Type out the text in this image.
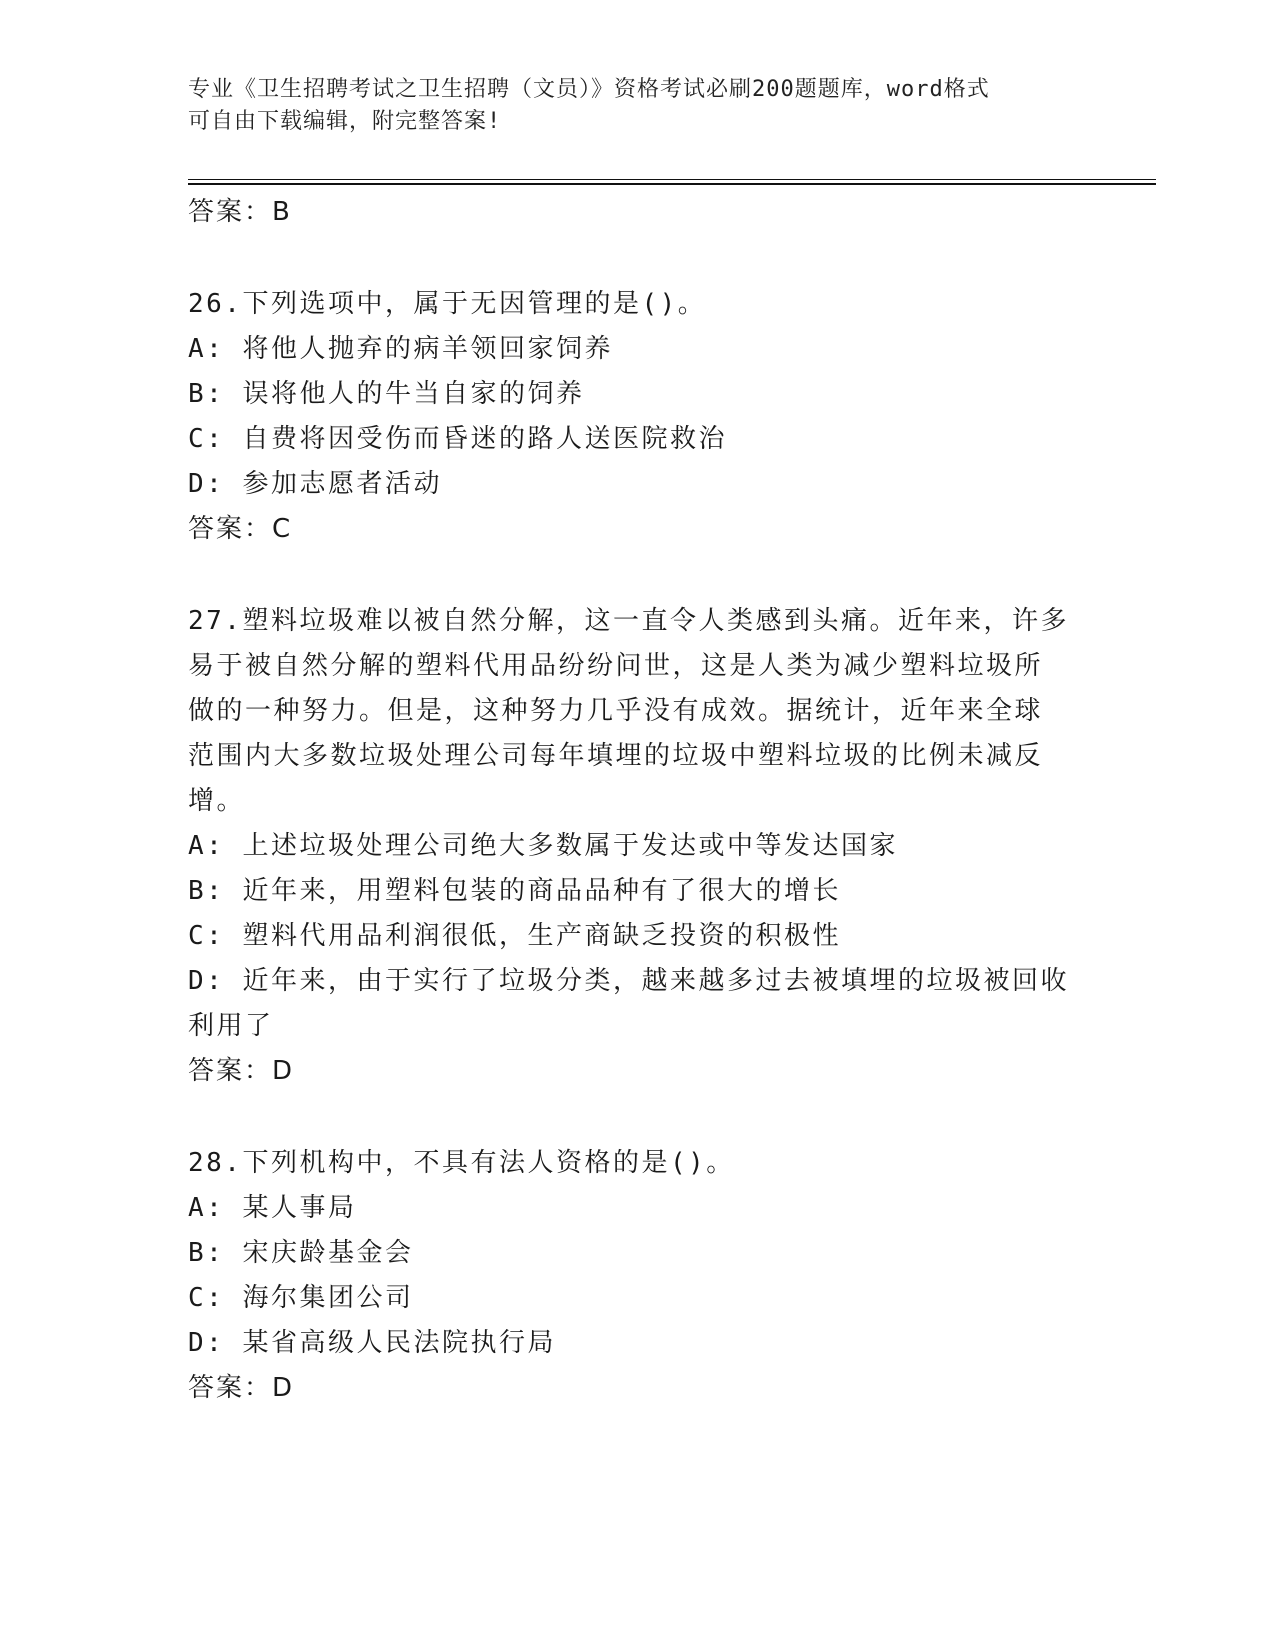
专业《卫生招聘考试之卫生招聘（文员）》资格考试必刷200题题库，word格式
可自由下载编辑，附完整答案!
答案：B
26.下列选项中，属于无因管理的是()。
A: 将他人抛弃的病羊领回家饲养
B: 误将他人的牛当自家的饲养
C: 自费将因受伤而昏迷的路人送医院救治
D: 参加志愿者活动
答案：C
27.塑料垃圾难以被自然分解，这一直令人类感到头痛。近年来，许多
易于被自然分解的塑料代用品纷纷问世，这是人类为减少塑料垃圾所
做的一种努力。但是，这种努力几乎没有成效。据统计，近年来全球
范围内大多数垃圾处理公司每年填埋的垃圾中塑料垃圾的比例未减反
增。
A: 上述垃圾处理公司绝大多数属于发达或中等发达国家
B: 近年来，用塑料包装的商品品种有了很大的增长
C: 塑料代用品利润很低，生产商缺乏投资的积极性
D: 近年来，由于实行了垃圾分类，越来越多过去被填埋的垃圾被回收
利用了
答案：D
28.下列机构中，不具有法人资格的是()。
A: 某人事局
B: 宋庆龄基金会
C: 海尔集团公司
D: 某省高级人民法院执行局
答案：D
